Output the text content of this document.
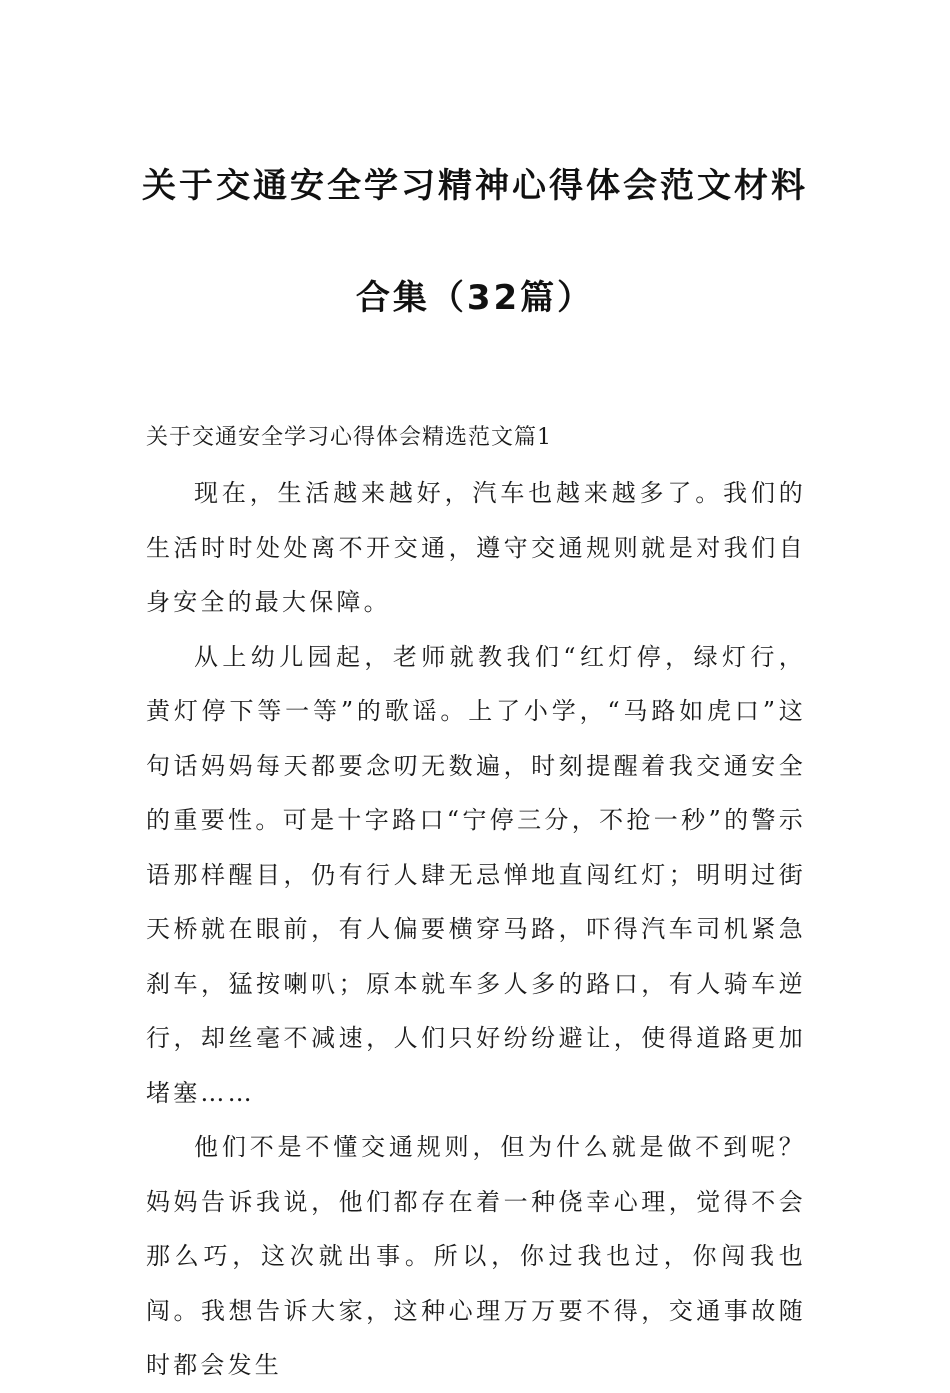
关于交通安全学习精神心得体会范文材料
合集（32篇）
关于交通安全学习心得体会精选范文篇1

现在，生活越来越好，汽车也越来越多了。我们的生活时时处处离不开交通，遵守交通规则就是对我们自身安全的最大保障。

从上幼儿园起，老师就教我们“红灯停，绿灯行，黄灯停下等一等”的歌谣。上了小学，“马路如虎口”这句话妈妈每天都要念叨无数遍，时刻提醒着我交通安全的重要性。可是十字路口“宁停三分，不抢一秒”的警示语那样醒目，仍有行人肆无忌惮地直闯红灯；明明过街天桥就在眼前，有人偏要横穿马路，吓得汽车司机紧急刹车，猛按喇叭；原本就车多人多的路口，有人骑车逆行，却丝毫不减速，人们只好纷纷避让，使得道路更加堵塞……

他们不是不懂交通规则，但为什么就是做不到呢？妈妈告诉我说，他们都存在着一种侥幸心理，觉得不会那么巧，这次就出事。所以，你过我也过，你闯我也闯。我想告诉大家，这种心理万万要不得，交通事故随时都会发生
